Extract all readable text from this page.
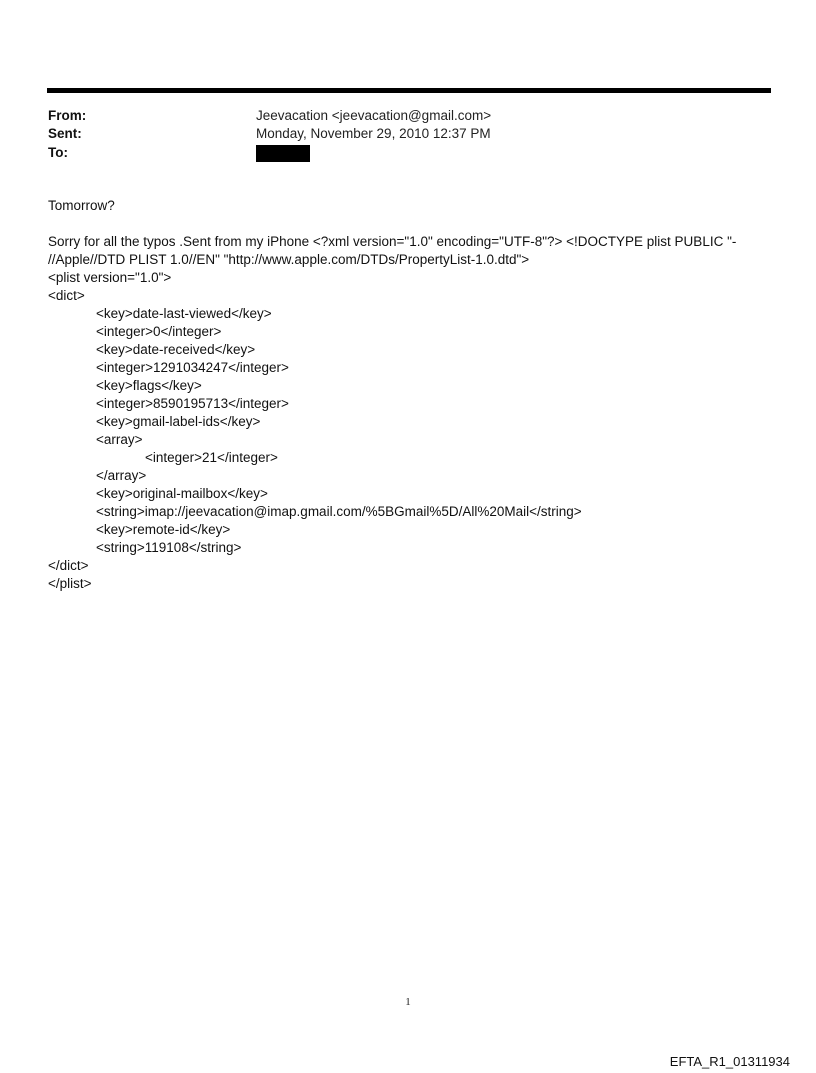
From:	Jeevacation <jeevacation@gmail.com>
Sent:	Monday, November 29, 2010 12:37 PM
To:
Tomorrow?
Sorry for all the typos .Sent from my iPhone <?xml version="1.0" encoding="UTF-8"?> <!DOCTYPE plist PUBLIC "-
//Apple//DTD PLIST 1.0//EN" "http://www.apple.com/DTDs/PropertyList-1.0.dtd">
<plist version="1.0">
<dict>
<key>date-last-viewed</key>
<integer>0</integer>
<key>date-received</key>
<integer>1291034247</integer>
<key>flags</key>
<integer>8590195713</integer>
<key>gmail-label-ids</key>
<array>
<integer>21</integer>
</array>
<key>original-mailbox</key>
<string>imap://jeevacation@imap.gmail.com/%5BGmail%5D/All%20Mail</string>
<key>remote-id</key>
<string>119108</string>
</dict>
</plist>
1
EFTA_R1_01311934
